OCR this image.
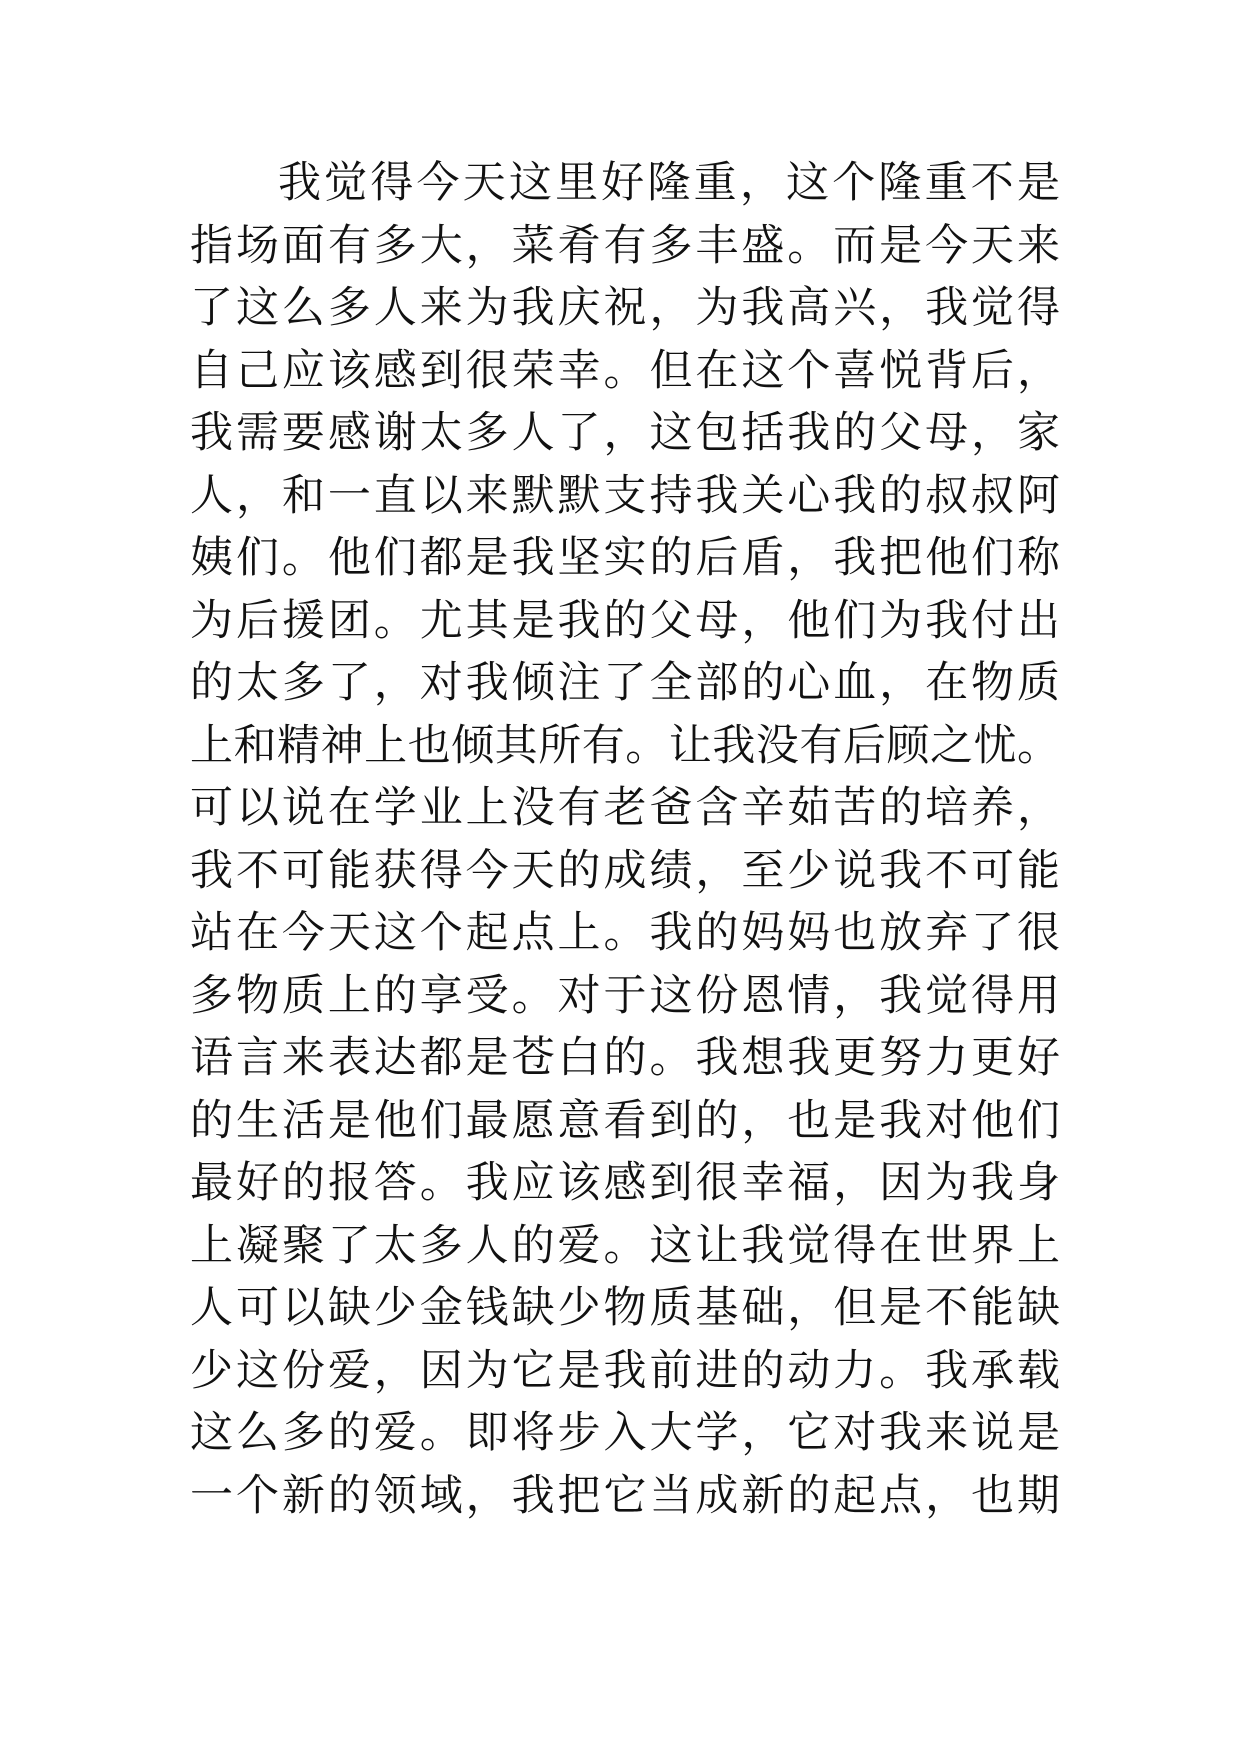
我觉得今天这里好隆重，这个隆重不是
指场面有多大，菜肴有多丰盛。而是今天来
了这么多人来为我庆祝，为我高兴，我觉得
自己应该感到很荣幸。但在这个喜悦背后，
我需要感谢太多人了，这包括我的父母，家
人，和一直以来默默支持我关心我的叔叔阿
姨们。他们都是我坚实的后盾，我把他们称
为后援团。尤其是我的父母，他们为我付出
的太多了，对我倾注了全部的心血，在物质
上和精神上也倾其所有。让我没有后顾之忧。
可以说在学业上没有老爸含辛茹苦的培养，
我不可能获得今天的成绩，至少说我不可能
站在今天这个起点上。我的妈妈也放弃了很
多物质上的享受。对于这份恩情，我觉得用
语言来表达都是苍白的。我想我更努力更好
的生活是他们最愿意看到的，也是我对他们
最好的报答。我应该感到很幸福，因为我身
上凝聚了太多人的爱。这让我觉得在世界上
人可以缺少金钱缺少物质基础，但是不能缺
少这份爱，因为它是我前进的动力。我承载
这么多的爱。即将步入大学，它对我来说是
一个新的领域，我把它当成新的起点，也期
